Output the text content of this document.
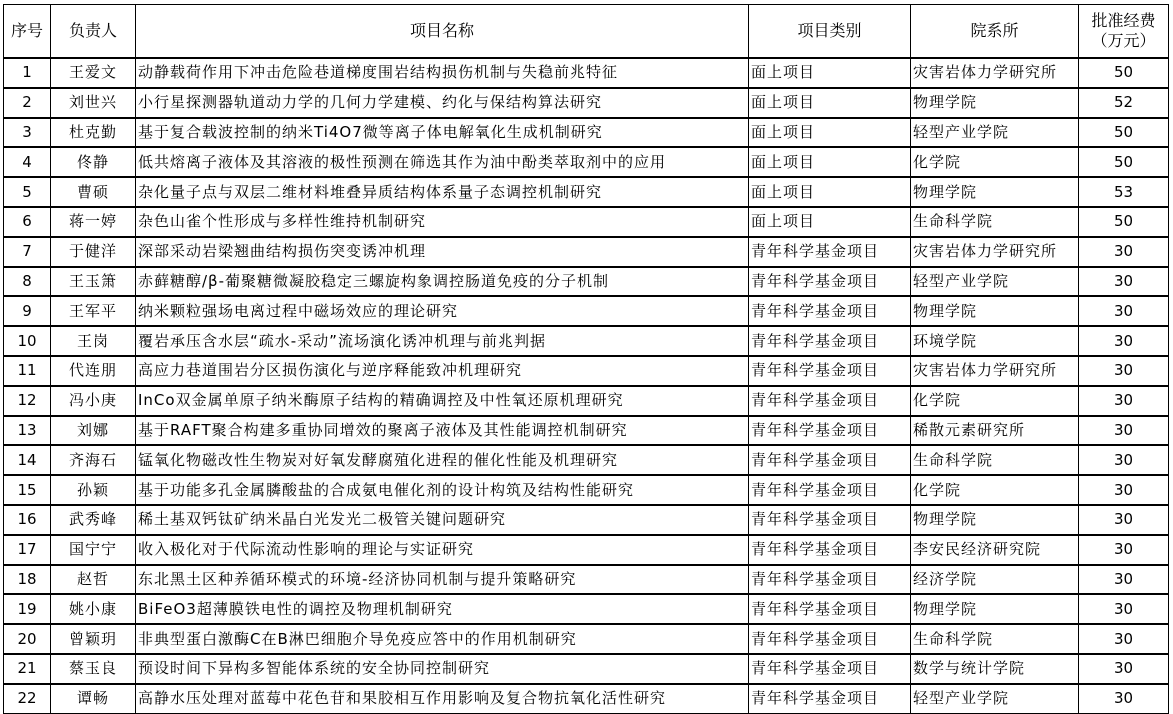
序号	负责人	项目名称	项目类别	院系所	批准经费
（万元）
1	王爱文	动静载荷作用下冲击危险巷道梯度围岩结构损伤机制与失稳前兆特征	面上项目	灾害岩体力学研究所	50
2	刘世兴	小行星探测器轨道动力学的几何力学建模、约化与保结构算法研究	面上项目	物理学院	52
3	杜克勤	基于复合载波控制的纳米Ti4O7微等离子体电解氧化生成机制研究	面上项目	轻型产业学院	50
4	佟静	低共熔离子液体及其溶液的极性预测在筛选其作为油中酚类萃取剂中的应用	面上项目	化学院	50
5	曹硕	杂化量子点与双层二维材料堆叠异质结构体系量子态调控机制研究	面上项目	物理学院	53
6	蒋一婷	杂色山雀个性形成与多样性维持机制研究	面上项目	生命科学院	50
7	于健洋	深部采动岩梁翘曲结构损伤突变诱冲机理	青年科学基金项目	灾害岩体力学研究所	30
8	王玉箫	赤藓糖醇/β-葡聚糖微凝胶稳定三螺旋构象调控肠道免疫的分子机制	青年科学基金项目	轻型产业学院	30
9	王军平	纳米颗粒强场电离过程中磁场效应的理论研究	青年科学基金项目	物理学院	30
10	王岗	覆岩承压含水层“疏水-采动”流场演化诱冲机理与前兆判据	青年科学基金项目	环境学院	30
11	代连朋	高应力巷道围岩分区损伤演化与逆序释能致冲机理研究	青年科学基金项目	灾害岩体力学研究所	30
12	冯小庚	InCo双金属单原子纳米酶原子结构的精确调控及中性氧还原机理研究	青年科学基金项目	化学院	30
13	刘娜	基于RAFT聚合构建多重协同增效的聚离子液体及其性能调控机制研究	青年科学基金项目	稀散元素研究所	30
14	齐海石	锰氧化物磁改性生物炭对好氧发酵腐殖化进程的催化性能及机理研究	青年科学基金项目	生命科学院	30
15	孙颖	基于功能多孔金属膦酸盐的合成氨电催化剂的设计构筑及结构性能研究	青年科学基金项目	化学院	30
16	武秀峰	稀土基双钙钛矿纳米晶白光发光二极管关键问题研究	青年科学基金项目	物理学院	30
17	国宁宁	收入极化对于代际流动性影响的理论与实证研究	青年科学基金项目	李安民经济研究院	30
18	赵哲	东北黑土区种养循环模式的环境-经济协同机制与提升策略研究	青年科学基金项目	经济学院	30
19	姚小康	BiFeO3超薄膜铁电性的调控及物理机制研究	青年科学基金项目	物理学院	30
20	曾颖玥	非典型蛋白激酶C在B淋巴细胞介导免疫应答中的作用机制研究	青年科学基金项目	生命科学院	30
21	蔡玉良	预设时间下异构多智能体系统的安全协同控制研究	青年科学基金项目	数学与统计学院	30
22	谭畅	高静水压处理对蓝莓中花色苷和果胶相互作用影响及复合物抗氧化活性研究	青年科学基金项目	轻型产业学院	30
